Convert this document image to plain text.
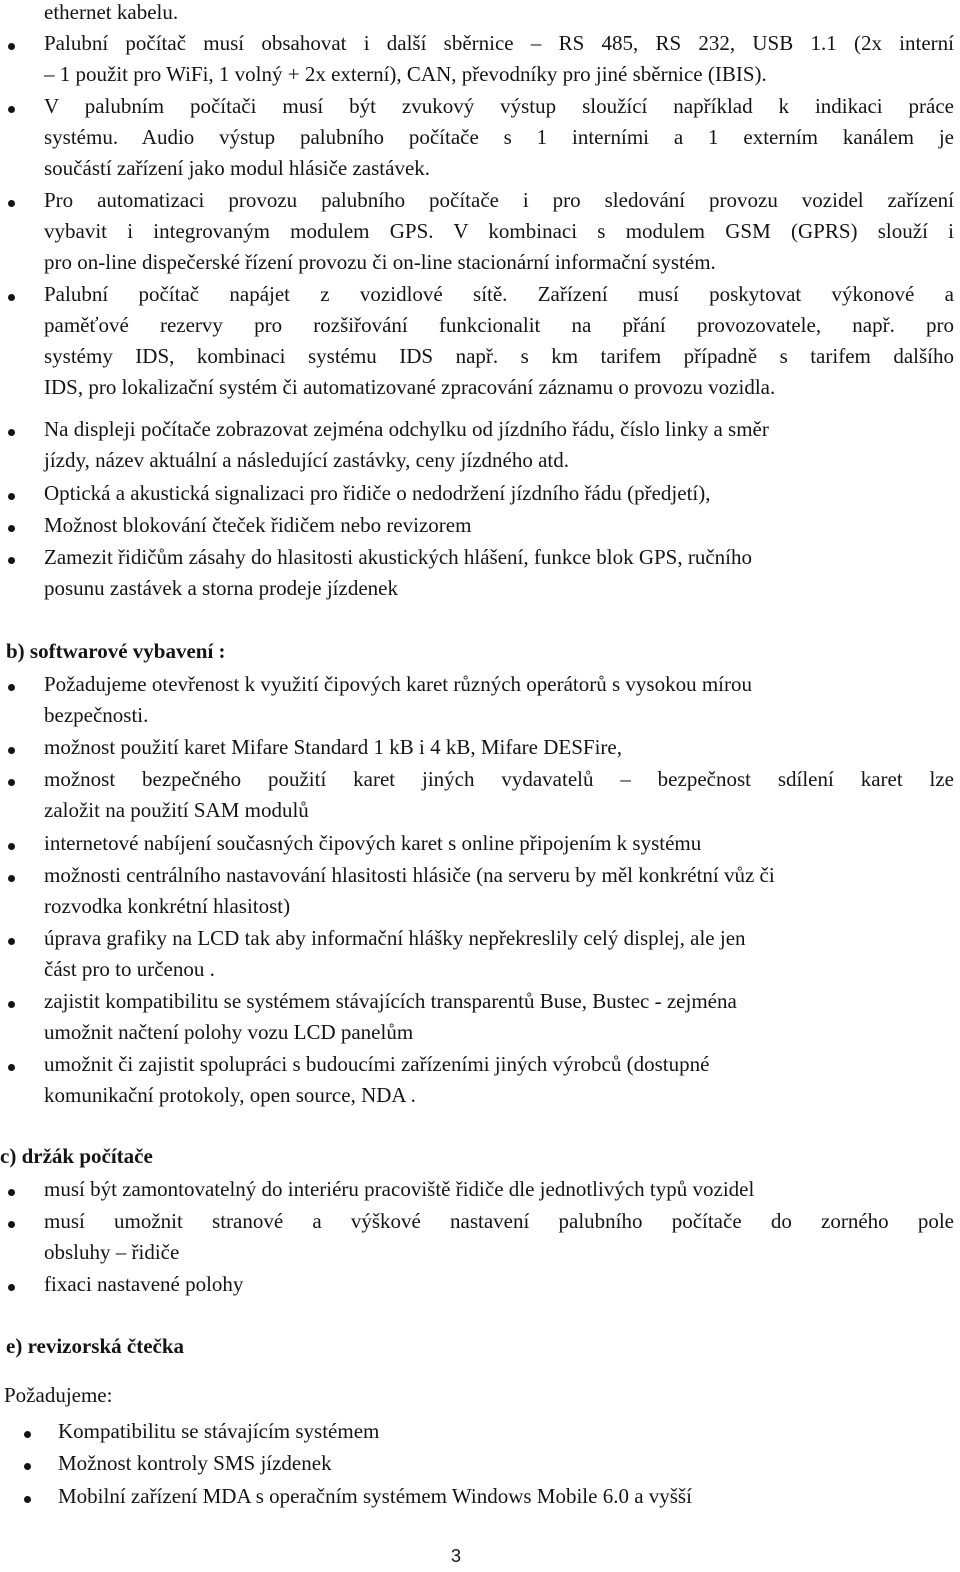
ethernet kabelu.

Palubní počítač musí obsahovat i další sběrnice – RS 485, RS 232, USB 1.1 (2x interní

– 1 použit pro WiFi, 1 volný + 2x externí), CAN, převodníky pro jiné sběrnice (IBIS).

V palubním počítači musí být zvukový výstup sloužící například k indikaci práce

systému. Audio výstup palubního počítače s 1 interními a 1 externím kanálem je

součástí zařízení jako modul hlásiče zastávek.

Pro automatizaci provozu palubního počítače i pro sledování provozu vozidel zařízení

vybavit i integrovaným modulem GPS. V kombinaci s modulem GSM (GPRS) slouží i

pro on-line dispečerské řízení provozu či on-line stacionární informační systém.

Palubní počítač napájet z vozidlové sítě. Zařízení musí poskytovat výkonové a

paměťové rezervy pro rozšiřování funkcionalit na přání provozovatele, např. pro

systémy IDS, kombinaci systému IDS např. s km tarifem případně s tarifem dalšího

IDS, pro lokalizační systém či automatizované zpracování záznamu o provozu vozidla.

Na displeji počítače zobrazovat zejména odchylku od jízdního řádu, číslo linky a směr

jízdy, název aktuální a následující zastávky, ceny jízdného atd.

Optická a akustická signalizaci pro řidiče o nedodržení jízdního řádu (předjetí),

Možnost blokování čteček řidičem nebo revizorem

Zamezit řidičům zásahy do hlasitosti akustických hlášení, funkce blok GPS, ručního

posunu zastávek a storna prodeje jízdenek

b) softwarové vybavení :

Požadujeme otevřenost k využití čipových karet různých operátorů s vysokou mírou

bezpečnosti.

možnost použití karet Mifare Standard 1 kB i 4 kB, Mifare DESFire,

možnost bezpečného použití karet jiných vydavatelů – bezpečnost sdílení karet lze

založit na použití SAM modulů

internetové nabíjení současných čipových karet s online připojením k systému

možnosti centrálního nastavování hlasitosti hlásiče (na serveru by měl konkrétní vůz či

rozvodka konkrétní hlasitost)

úprava grafiky na LCD tak aby informační hlášky nepřekreslily celý displej, ale jen

část pro to určenou .

zajistit kompatibilitu se systémem stávajících transparentů Buse, Bustec - zejména

umožnit načtení polohy vozu LCD panelům

umožnit či zajistit spolupráci s budoucími zařízeními jiných výrobců (dostupné

komunikační protokoly, open source, NDA .

c) držák počítače

musí být zamontovatelný do interiéru pracoviště řidiče dle jednotlivých typů vozidel

musí umožnit stranové a výškové nastavení palubního počítače do zorného pole

obsluhy – řidiče

fixaci nastavené polohy

e) revizorská čtečka

Požadujeme:

Kompatibilitu se stávajícím systémem

Možnost kontroly SMS jízdenek

Mobilní zařízení MDA s operačním systémem Windows Mobile 6.0 a vyšší

3
